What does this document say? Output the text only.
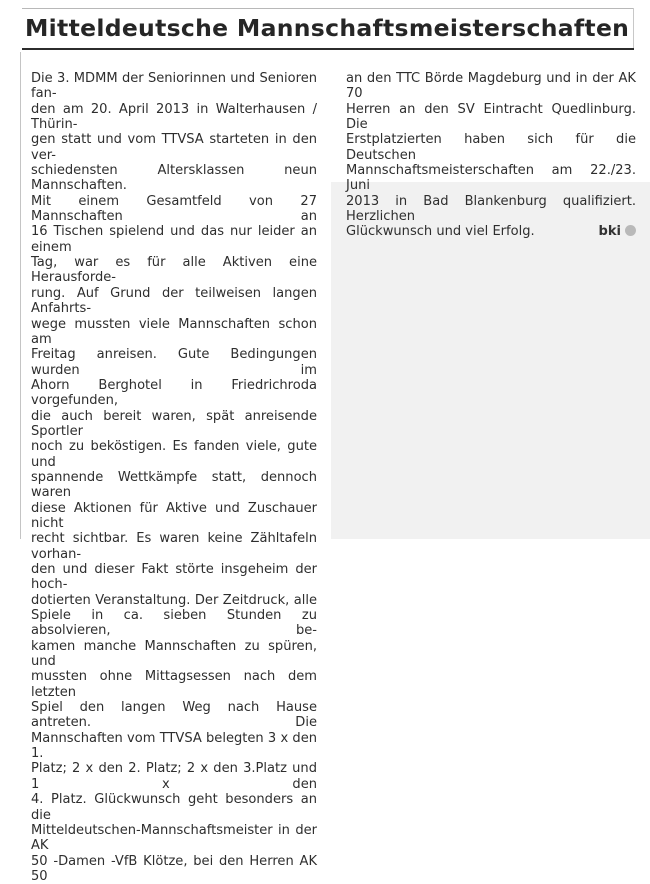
Mitteldeutsche Mannschaftsmeisterschaften
Die 3. MDMM der Seniorinnen und Senioren fan-
den am 20. April 2013 in Walterhausen / Thürin-
gen statt und vom TTVSA starteten in den ver-
schiedensten Altersklassen neun Mannschaften.
Mit einem Gesamtfeld von 27 Mannschaften an
16 Tischen spielend und das nur leider an einem
Tag, war es für alle Aktiven eine Herausforde-
rung. Auf Grund der teilweisen langen Anfahrts-
wege mussten viele Mannschaften schon am
Freitag anreisen. Gute Bedingungen wurden im
Ahorn Berghotel in Friedrichroda vorgefunden,
die auch bereit waren, spät anreisende Sportler
noch zu beköstigen. Es fanden viele, gute und
spannende Wettkämpfe statt, dennoch waren
diese Aktionen für Aktive und Zuschauer nicht
recht sichtbar. Es waren keine Zähltafeln vorhan-
den und dieser Fakt störte insgeheim der hoch-
dotierten Veranstaltung. Der Zeitdruck, alle
Spiele in ca. sieben Stunden zu absolvieren, be-
kamen manche Mannschaften zu spüren, und
mussten ohne Mittagsessen nach dem letzten
Spiel den langen Weg nach Hause antreten. Die
Mannschaften vom TTVSA belegten 3 x den 1.
Platz; 2 x den 2. Platz; 2 x den 3.Platz und 1 x den
4. Platz. Glückwunsch geht besonders an die
Mitteldeutschen-Mannschaftsmeister in der AK
50 -Damen -VfB Klötze, bei den Herren AK 50
an den TTC Börde Magdeburg und in der AK 70
Herren an den SV Eintracht Quedlinburg. Die
Erstplatzierten haben sich für die Deutschen
Mannschaftsmeisterschaften am 22./23. Juni
2013 in Bad Blankenburg qualifiziert. Herzlichen
Glückwunsch und viel Erfolg.	bki
